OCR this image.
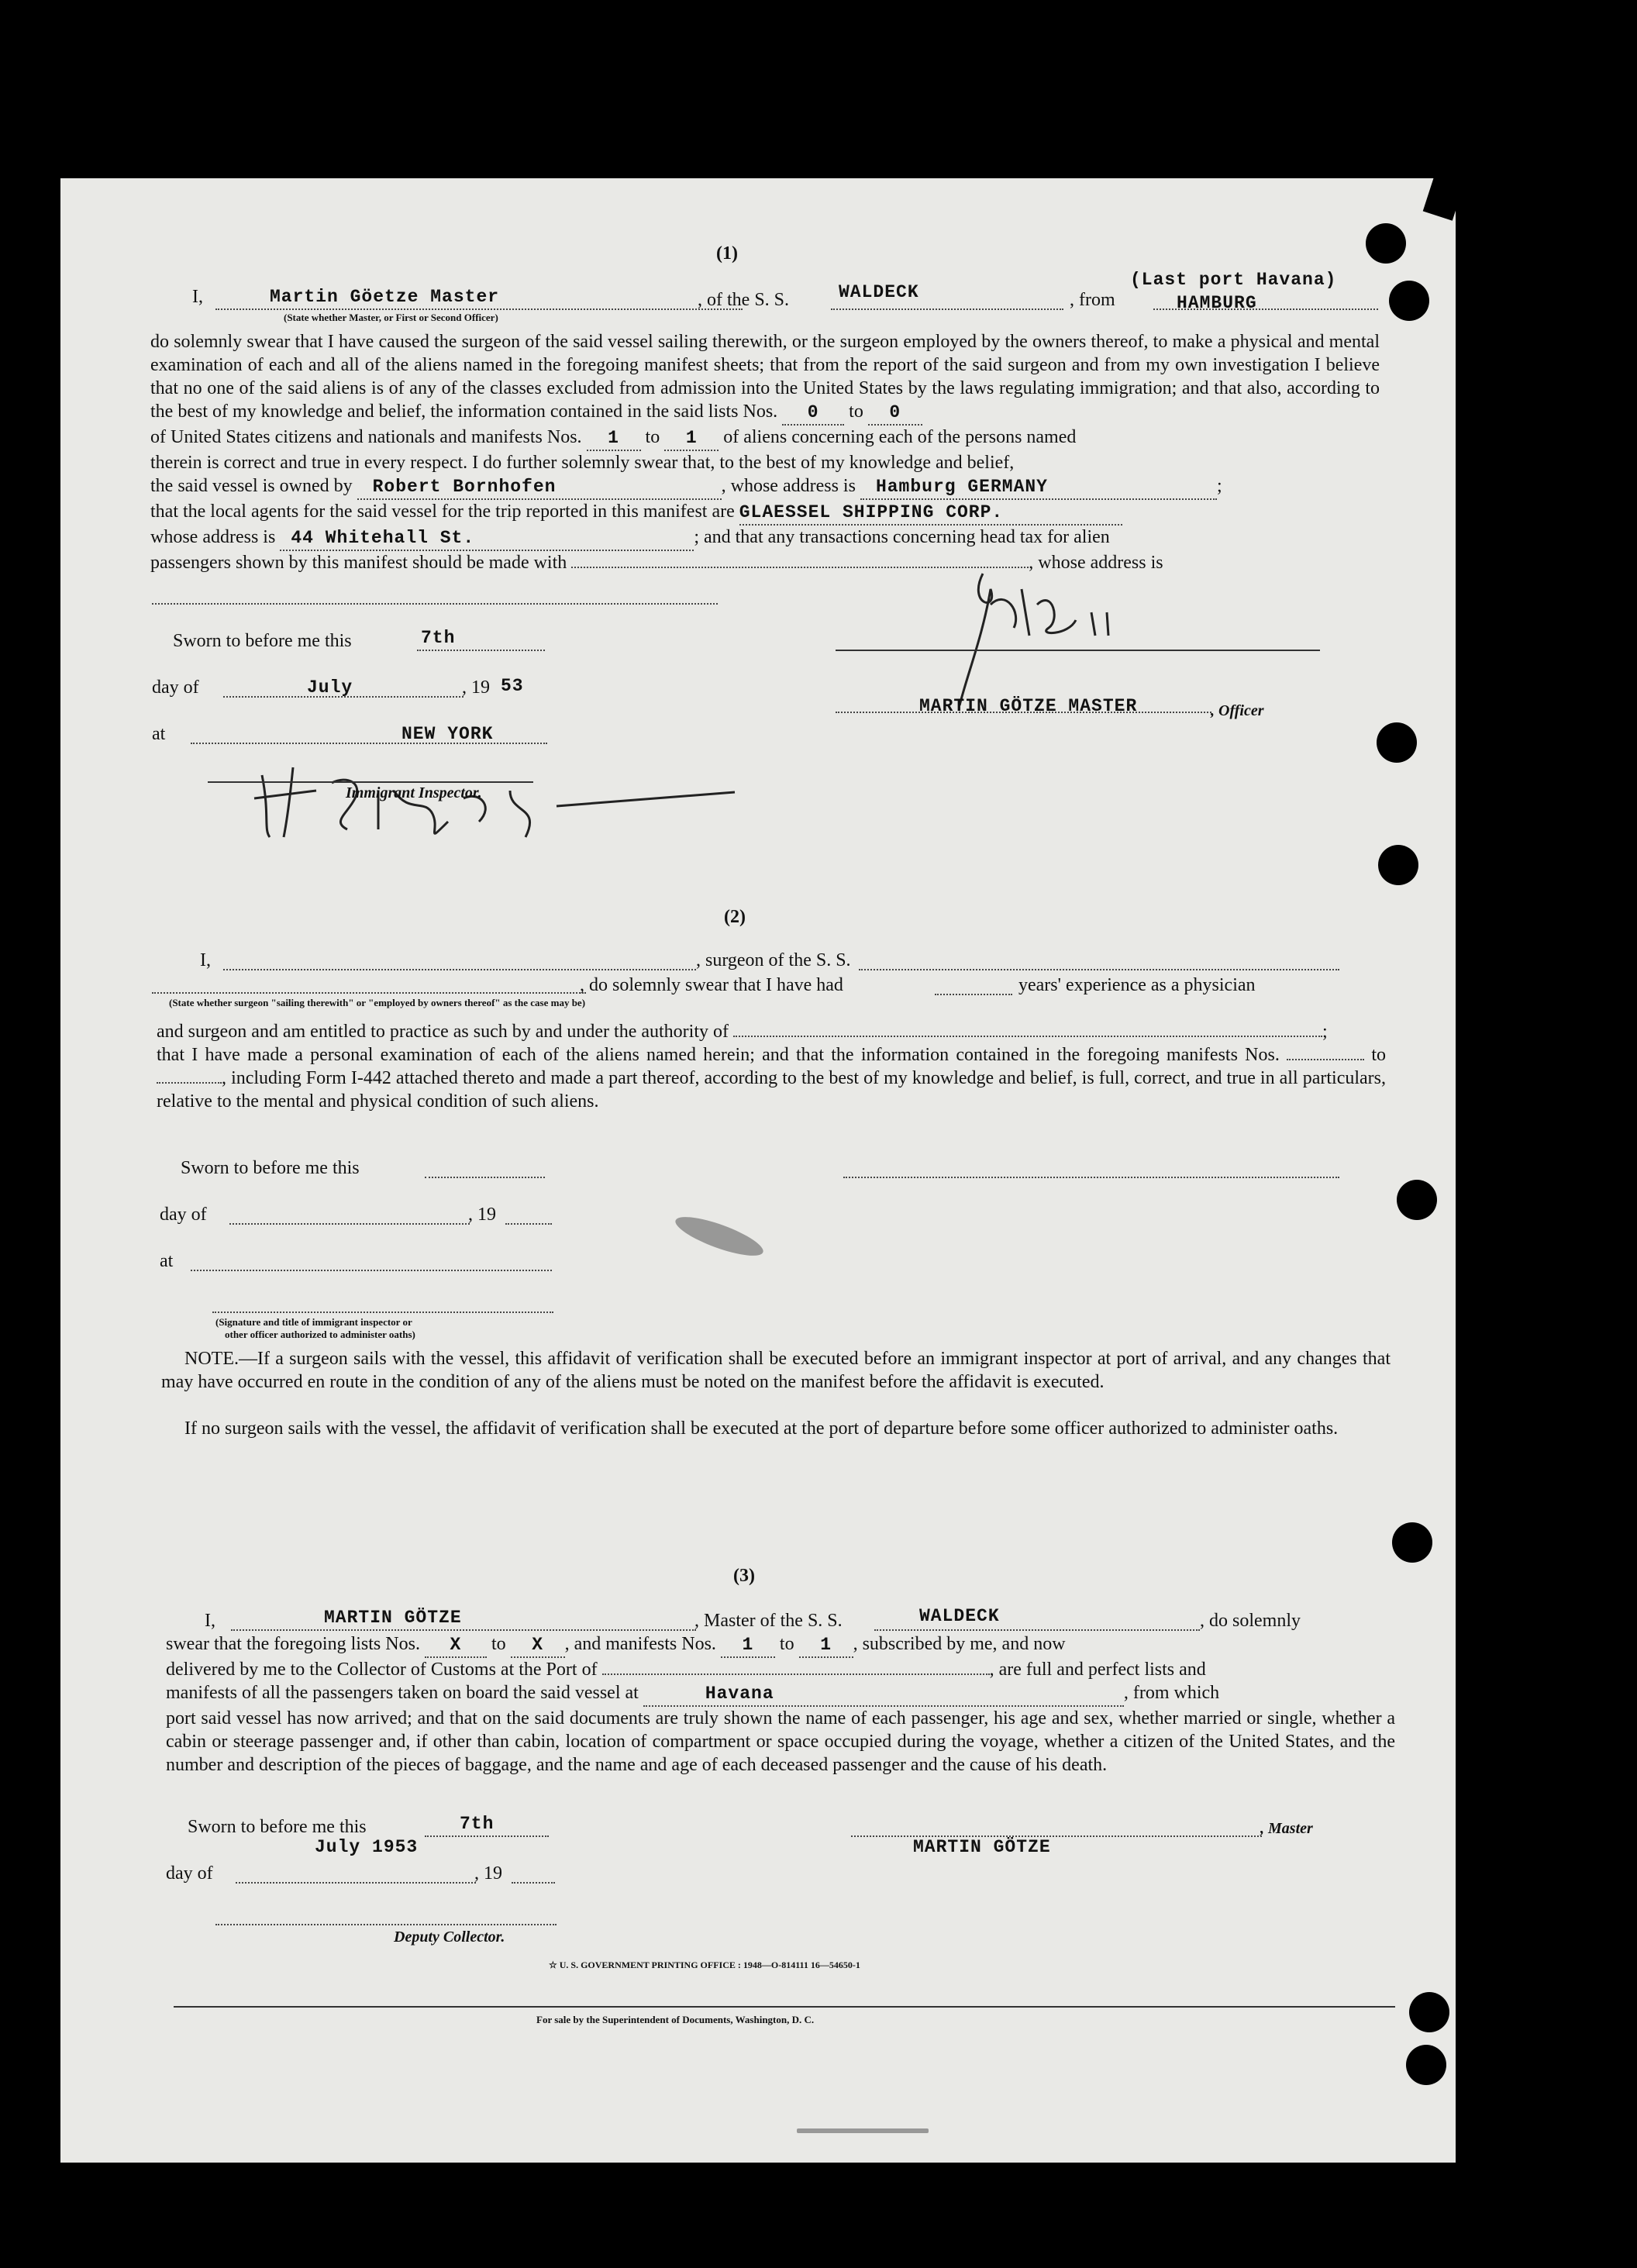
(1)
I,	Martin Göetze Master
(State whether Master, or First or Second Officer)
, of the S. S.	WALDECK	, from	HAMBURG
(Last port Havana)
do solemnly swear that I have caused the surgeon of the said vessel sailing therewith, or the surgeon employed by the owners thereof, to make a physical and mental examination of each and all of the aliens named in the foregoing manifest sheets; that from the report of the said surgeon and from my own investigation I believe that no one of the said aliens is of any of the classes excluded from admission into the United States by the laws regulating immigration; and that also, according to the best of my knowledge and belief, the information contained in the said lists Nos. 0 to 0
of United States citizens and nationals and manifests Nos. 1 to 1 of aliens concerning each of the persons named
therein is correct and true in every respect. I do further solemnly swear that, to the best of my knowledge and belief,
the said vessel is owned by Robert Bornhofen	, whose address is Hamburg GERMANY	;
that the local agents for the said vessel for the trip reported in this manifest are GLAESSEL SHIPPING CORP.
whose address is 44 Whitehall St.	; and that any transactions concerning head tax for alien
passengers shown by this manifest should be made with	, whose address is
Sworn to before me this	7th
day of	July	, 19 53
at	NEW YORK
Immigrant Inspector.
MARTIN GÖTZE MASTER	, Officer
(2)
I,	, surgeon of the S. S.
, do solemnly swear that I have had	years' experience as a physician
(State whether surgeon "sailing therewith" or "employed by owners thereof" as the case may be)
and surgeon and am entitled to practice as such by and under the authority of	;
that I have made a personal examination of each of the aliens named herein; and that the information contained in the foregoing manifests Nos.	to , including Form I-442 attached thereto and made a part thereof, according to the best of my knowledge and belief, is full, correct, and true in all particulars, relative to the mental and physical condition of such aliens.
Sworn to before me this
day of	, 19
at
(Signature and title of immigrant inspector or
other officer authorized to administer oaths)
NOTE.—If a surgeon sails with the vessel, this affidavit of verification shall be executed before an immigrant inspector at port of arrival, and any changes that may have occurred en route in the condition of any of the aliens must be noted on the manifest before the affidavit is executed.
If no surgeon sails with the vessel, the affidavit of verification shall be executed at the port of departure before some officer authorized to administer oaths.
(3)
I,	MARTIN GÖTZE	, Master of the S. S.	WALDECK	, do solemnly
swear that the foregoing lists Nos. X to X , and manifests Nos. 1 to 1 , subscribed by me, and now
delivered by me to the Collector of Customs at the Port of	, are full and perfect lists and
manifests of all the passengers taken on board the said vessel at	Havana	, from which
port said vessel has now arrived; and that on the said documents are truly shown the name of each passenger, his age and sex, whether married or single, whether a cabin or steerage passenger and, if other than cabin, location of compartment or space occupied during the voyage, whether a citizen of the United States, and the number and description of the pieces of baggage, and the name and age of each deceased passenger and the cause of his death.
Sworn to before me this	7th
July 1953
day of	, 19
, Master
MARTIN GÖTZE
Deputy Collector.
☆ U. S. GOVERNMENT PRINTING OFFICE : 1948—O-814111 16—54650-1
For sale by the Superintendent of Documents, Washington, D. C.
